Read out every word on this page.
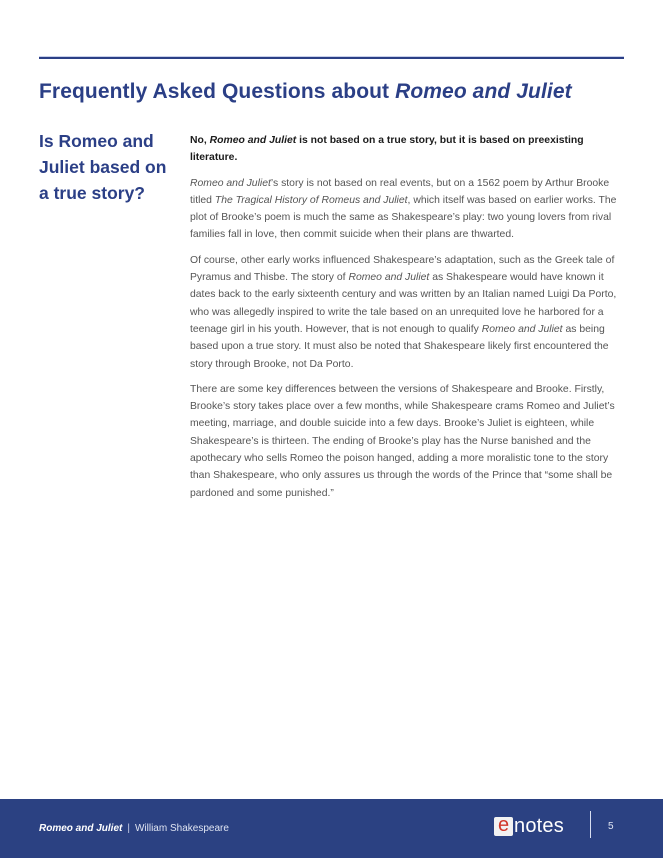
Frequently Asked Questions about Romeo and Juliet
Is Romeo and Juliet based on a true story?

No, Romeo and Juliet is not based on a true story, but it is based on preexisting literature.

Romeo and Juliet’s story is not based on real events, but on a 1562 poem by Arthur Brooke titled The Tragical History of Romeus and Juliet, which itself was based on earlier works. The plot of Brooke’s poem is much the same as Shakespeare’s play: two young lovers from rival families fall in love, then commit suicide when their plans are thwarted.

Of course, other early works influenced Shakespeare’s adaptation, such as the Greek tale of Pyramus and Thisbe. The story of Romeo and Juliet as Shakespeare would have known it dates back to the early sixteenth century and was written by an Italian named Luigi Da Porto, who was allegedly inspired to write the tale based on an unrequited love he harbored for a teenage girl in his youth. However, that is not enough to qualify Romeo and Juliet as being based upon a true story. It must also be noted that Shakespeare likely first encountered the story through Brooke, not Da Porto.

There are some key differences between the versions of Shakespeare and Brooke. Firstly, Brooke’s story takes place over a few months, while Shakespeare crams Romeo and Juliet’s meeting, marriage, and double suicide into a few days. Brooke’s Juliet is eighteen, while Shakespeare’s is thirteen. The ending of Brooke’s play has the Nurse banished and the apothecary who sells Romeo the poison hanged, adding a more moralistic tone to the story than Shakespeare, who only assures us through the words of the Prince that “some shall be pardoned and some punished.”

Romeo and Juliet | William Shakespeare	e notes	5
